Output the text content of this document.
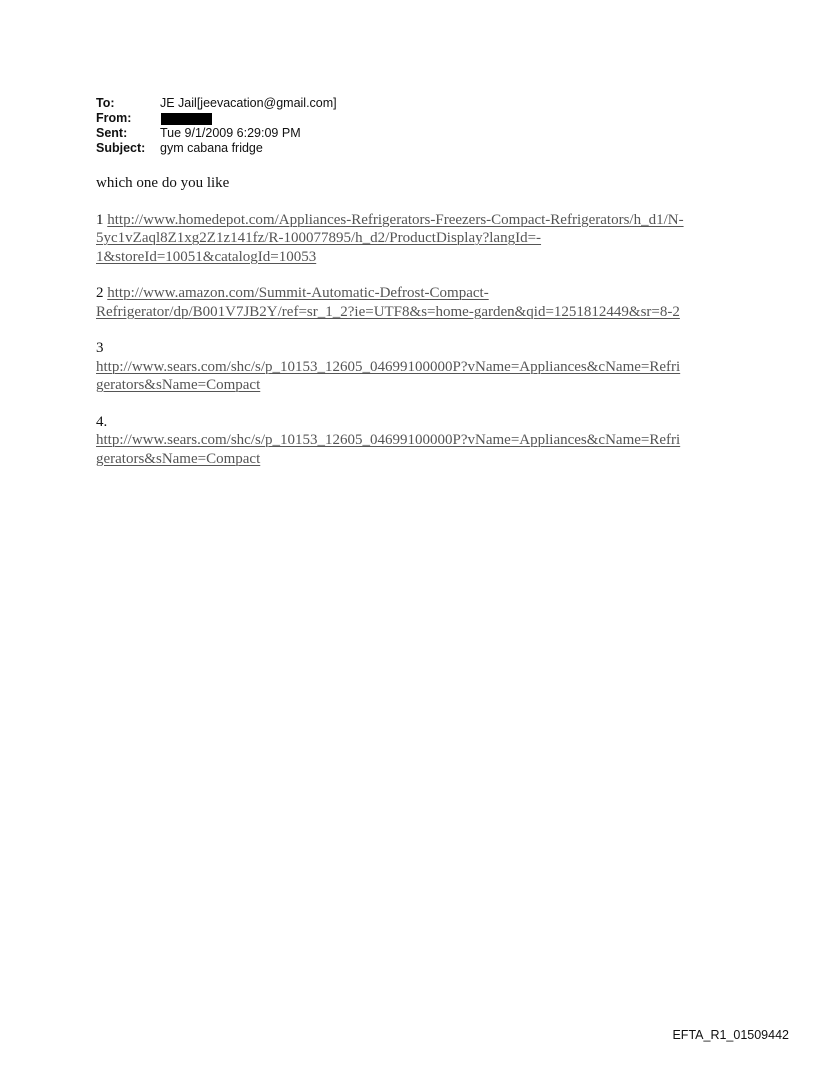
To:	JE Jail[jeevacation@gmail.com]
From:
Sent:	Tue 9/1/2009 6:29:09 PM
Subject:	gym cabana fridge

which one do you like

1 http://www.homedepot.com/Appliances-Refrigerators-Freezers-Compact-Refrigerators/h_d1/N-
5yc1vZaql8Z1xg2Z1z141fz/R-100077895/h_d2/ProductDisplay?langId=-
1&storeId=10051&catalogId=10053
2 http://www.amazon.com/Summit-Automatic-Defrost-Compact-
Refrigerator/dp/B001V7JB2Y/ref=sr_1_2?ie=UTF8&s=home-garden&qid=1251812449&sr=8-2
3
http://www.sears.com/shc/s/p_10153_12605_04699100000P?vName=Appliances&cName=Refri
gerators&sName=Compact
4.
http://www.sears.com/shc/s/p_10153_12605_04699100000P?vName=Appliances&cName=Refri
gerators&sName=Compact
EFTA_R1_01509442
